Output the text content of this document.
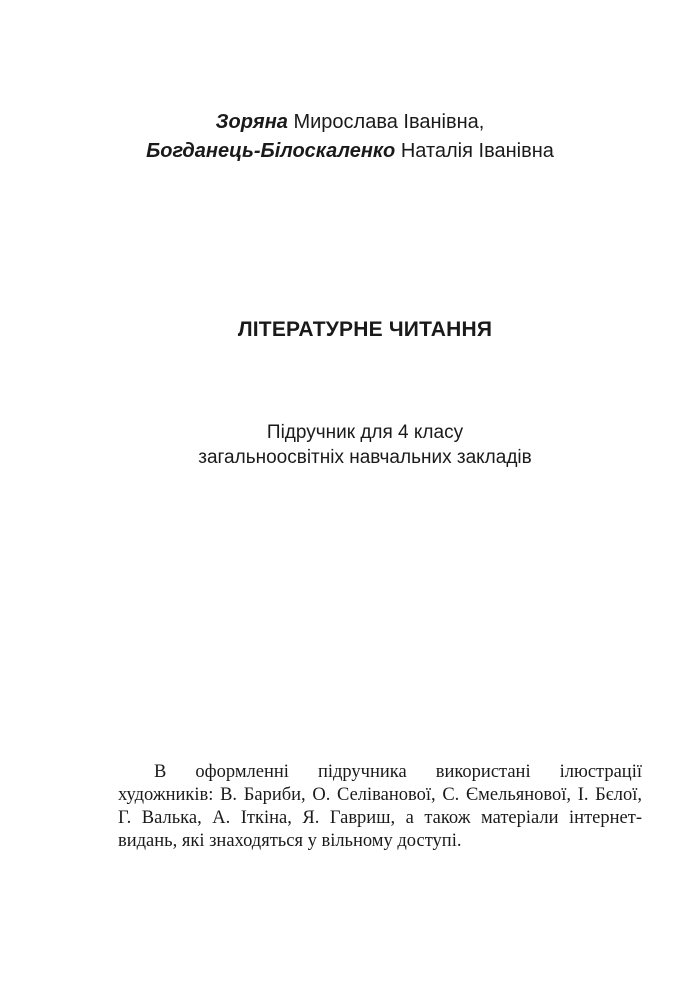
Зоряна Мирослава Іванівна,
Богданець-Білоскаленко Наталія Іванівна
ЛІТЕРАТУРНЕ ЧИТАННЯ
Підручник для 4 класу
загальноосвітніх навчальних закладів

В оформленні підручника використані ілюстрації художників: В. Бариби, О. Селіванової, С. Ємельянової, І. Бєлої, Г. Валька, А. Іткіна, Я. Гавриш, а також матеріали інтернет-видань, які знаходяться у вільному доступі.
